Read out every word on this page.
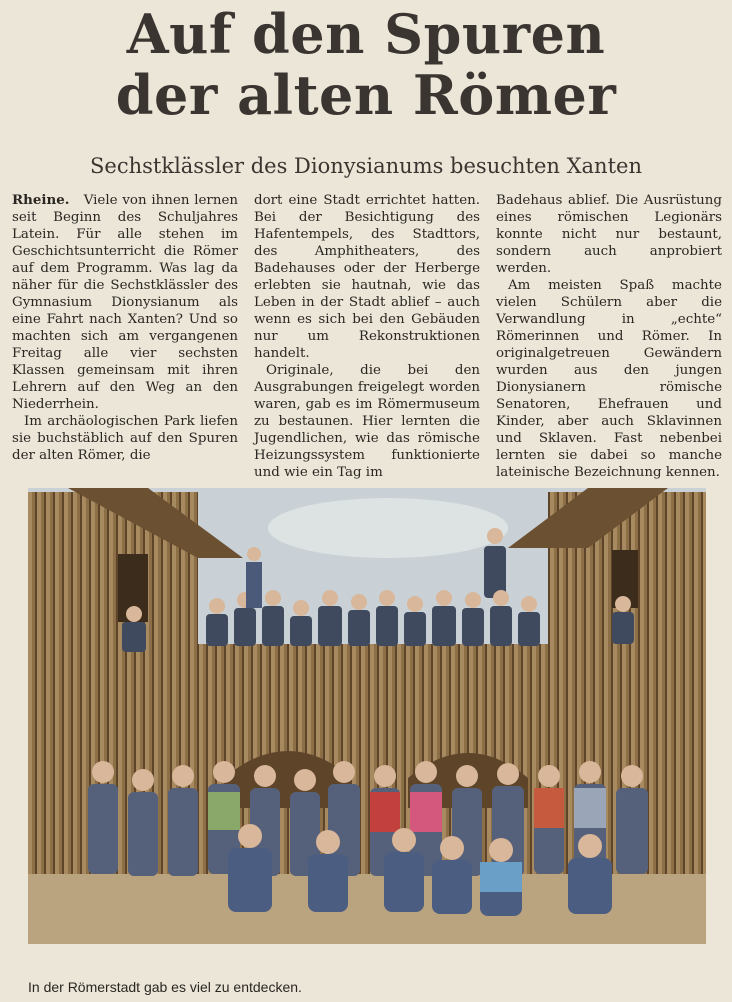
Auf den Spuren
der alten Römer
Sechstklässler des Dionysianums besuchten Xanten

Rheine. Viele von ihnen lernen seit Beginn des Schuljahres Latein. Für alle stehen im Geschichtsunterricht die Römer auf dem Programm. Was lag da näher für die Sechstklässler des Gymnasium Dionysianum als eine Fahrt nach Xanten? Und so machten sich am vergangenen Freitag alle vier sechsten Klassen gemeinsam mit ihren Lehrern auf den Weg an den Niederrhein.

Im archäologischen Park liefen sie buchstäblich auf den Spuren der alten Römer, die

dort eine Stadt errichtet hatten. Bei der Besichtigung des Hafentempels, des Stadttors, des Amphitheaters, des Badehauses oder der Herberge erlebten sie hautnah, wie das Leben in der Stadt ablief – auch wenn es sich bei den Gebäuden nur um Rekonstruktionen handelt.

Originale, die bei den Ausgrabungen freigelegt worden waren, gab es im Römermuseum zu bestaunen. Hier lernten die Jugendlichen, wie das römische Heizungssystem funktionierte und wie ein Tag im

Badehaus ablief. Die Ausrüstung eines römischen Legionärs konnte nicht nur bestaunt, sondern auch anprobiert werden.

Am meisten Spaß machte vielen Schülern aber die Verwandlung in „echte“ Römerinnen und Römer. In originalgetreuen Gewändern wurden aus den jungen Dionysianern römische Senatoren, Ehefrauen und Kinder, aber auch Sklavinnen und Sklaven. Fast nebenbei lernten sie dabei so manche lateinische Bezeichnung kennen.

In der Römerstadt gab es viel zu entdecken.
